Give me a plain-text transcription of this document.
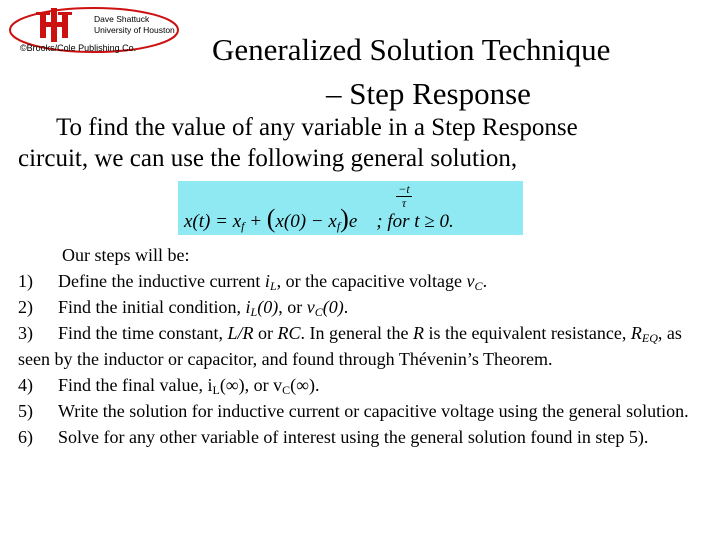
Dave Shattuck
University of Houston
©Brooks/Cole Publishing Co. Generalized Solution Technique
– Step Response
To find the value of any variable in a Step Response
circuit, we can use the following general solution,
−t
τ
$x(t) = x_f + (x(0) - x_f)e$ ; for t ≥ 0.

Our steps will be:

1) Define the inductive current $i_L$, or the capacitive voltage $v_C$.

2) Find the initial condition, $i_L(0)$, or $v_C(0)$.

3) Find the time constant, L/R or RC. In general the R is the equivalent resistance, $R_{EQ}$, as seen by the inductor or capacitor, and found through Thévenin’s Theorem.

4) Find the final value, $i_L(\infty)$, or $v_C(\infty)$.

5) Write the solution for inductive current or capacitive voltage using the general solution.

6) Solve for any other variable of interest using the general solution found in step 5).
